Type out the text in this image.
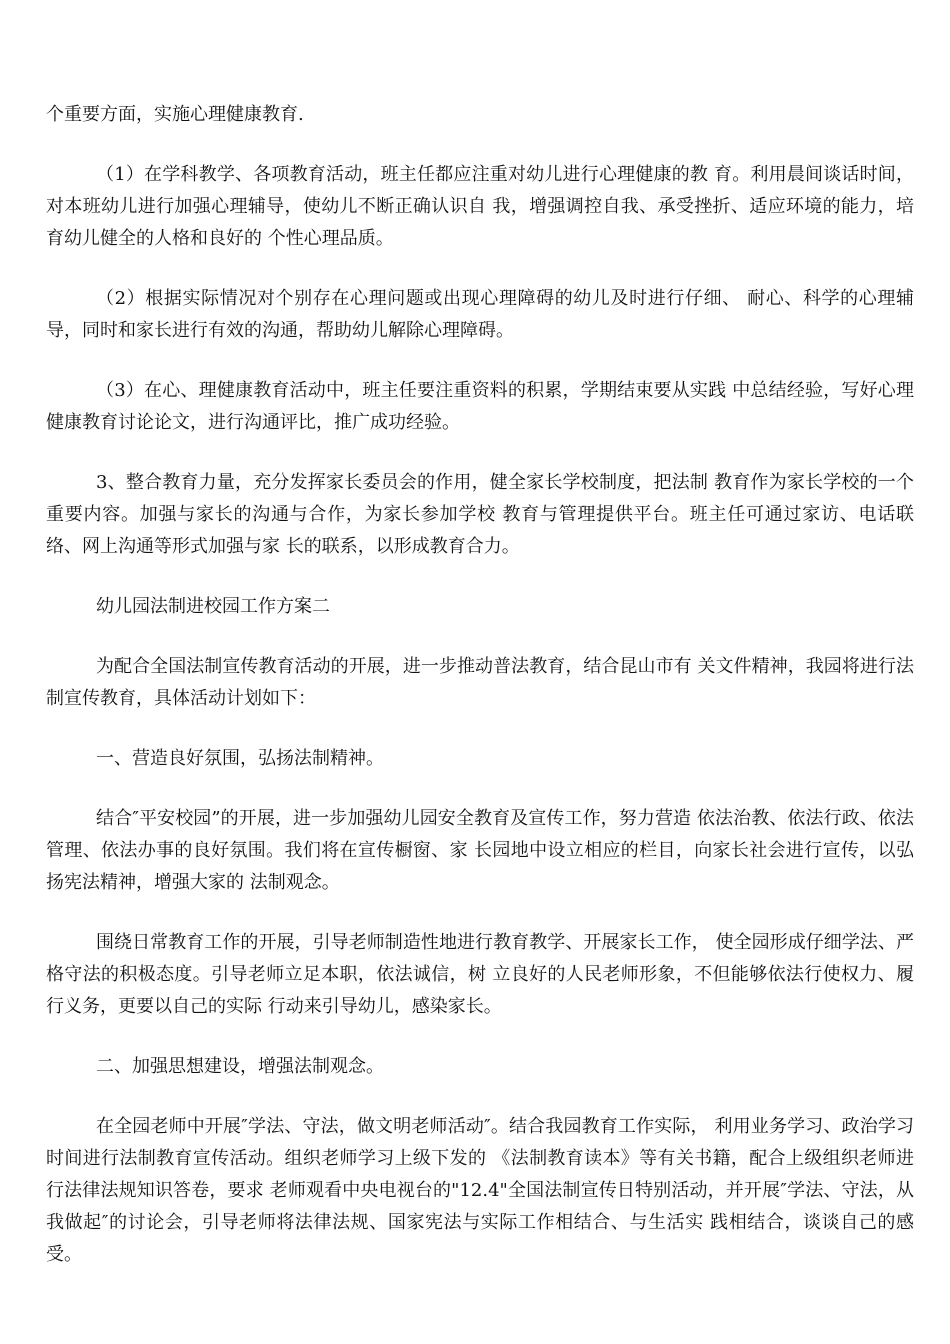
个重要方面，实施心理健康教育.

（1）在学科教学、各项教育活动，班主任都应注重对幼儿进行心理健康的教 育。利用晨间谈话时间，对本班幼儿进行加强心理辅导，使幼儿不断正确认识自 我，增强调控自我、承受挫折、适应环境的能力，培育幼儿健全的人格和良好的 个性心理品质。

（2）根据实际情况对个别存在心理问题或出现心理障碍的幼儿及时进行仔细、 耐心、科学的心理辅导，同时和家长进行有效的沟通，帮助幼儿解除心理障碍。

（3）在心、理健康教育活动中，班主任要注重资料的积累，学期结束要从实践 中总结经验，写好心理健康教育讨论论文，进行沟通评比，推广成功经验。

3、整合教育力量，充分发挥家长委员会的作用，健全家长学校制度，把法制 教育作为家长学校的一个重要内容。加强与家长的沟通与合作，为家长参加学校 教育与管理提供平台。班主任可通过家访、电话联络、网上沟通等形式加强与家 长的联系，以形成教育合力。

幼儿园法制进校园工作方案二

为配合全国法制宣传教育活动的开展，进一步推动普法教育，结合昆山市有 关文件精神，我园将进行法制宣传教育，具体活动计划如下：

一、营造良好氛围，弘扬法制精神。

结合″平安校园”的开展，进一步加强幼儿园安全教育及宣传工作，努力营造 依法治教、依法行政、依法管理、依法办事的良好氛围。我们将在宣传橱窗、家 长园地中设立相应的栏目，向家长社会进行宣传，以弘扬宪法精神，增强大家的 法制观念。

围绕日常教育工作的开展，引导老师制造性地进行教育教学、开展家长工作， 使全园形成仔细学法、严格守法的积极态度。引导老师立足本职，依法诚信，树 立良好的人民老师形象，不但能够依法行使权力、履行义务，更要以自己的实际 行动来引导幼儿，感染家长。

二、加强思想建设，增强法制观念。

在全园老师中开展″学法、守法，做文明老师活动″。结合我园教育工作实际， 利用业务学习、政治学习时间进行法制教育宣传活动。组织老师学习上级下发的 《法制教育读本》等有关书籍，配合上级组织老师进行法律法规知识答卷，要求 老师观看中央电视台的"12.4"全国法制宣传日特别活动，并开展″学法、守法，从 我做起″的讨论会，引导老师将法律法规、国家宪法与实际工作相结合、与生活实 践相结合，谈谈自己的感受。
